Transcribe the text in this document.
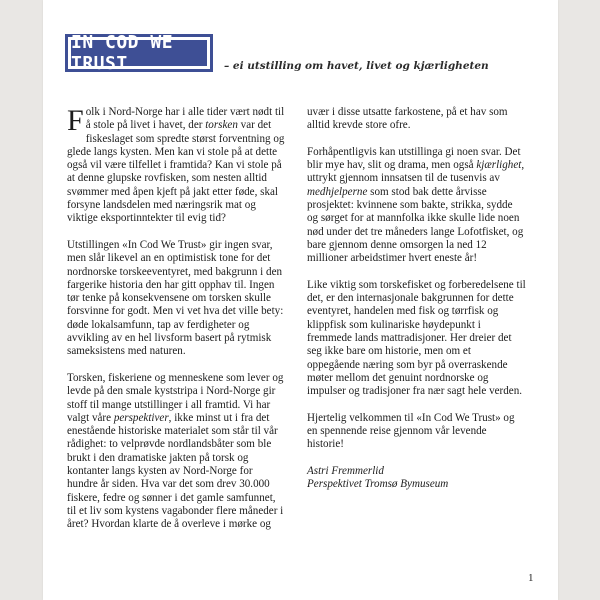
IN COD WE TRUST	– ei utstilling om havet, livet og kjærligheten

Folk i Nord-Norge har i alle tider vært nødt til å stole på livet i havet, der torsken var det fiskeslaget som spredte størst forventning og glede langs kysten. Men kan vi stole på at dette også vil være tilfellet i framtida? Kan vi stole på at denne glupske rovfisken, som nesten alltid svømmer med åpen kjeft på jakt etter føde, skal forsyne landsdelen med næringsrik mat og viktige eksportinntekter til evig tid?

Utstillingen «In Cod We Trust» gir ingen svar, men slår likevel an en optimistisk tone for det nordnorske torskeeventyret, med bakgrunn i den fargerike historia den har gitt opphav til. Ingen tør tenke på konsekvensene om torsken skulle forsvinne for godt. Men vi vet hva det ville bety: døde lokalsamfunn, tap av ferdigheter og avvikling av en hel livsform basert på rytmisk sameksistens med naturen.

Torsken, fiskeriene og menneskene som lever og levde på den smale kyststripa i Nord-Norge gir stoff til mange utstillinger i all framtid. Vi har valgt våre perspektiver, ikke minst ut i fra det enestående historiske materialet som står til vår rådighet: to velprøvde nordlandsbåter som ble brukt i den dramatiske jakten på torsk og kontanter langs kysten av Nord-Norge for hundre år siden. Hva var det som drev 30.000 fiskere, fedre og sønner i det gamle samfunnet, til et liv som kystens vagabonder flere måneder i året? Hvordan klarte de å overleve i mørke og

uvær i disse utsatte farkostene, på et hav som alltid krevde store ofre.

Forhåpentligvis kan utstillinga gi noen svar. Det blir mye hav, slit og drama, men også kjærlighet, uttrykt gjennom innsatsen til de tusenvis av medhjelperne som stod bak dette årvisse prosjektet: kvinnene som bakte, strikka, sydde og sørget for at mannfolka ikke skulle lide noen nød under det tre måneders lange Lofotfisket, og bare gjennom denne omsorgen la ned 12 millioner arbeidstimer hvert eneste år!

Like viktig som torskefisket og forberedelsene til det, er den internasjonale bakgrunnen for dette eventyret, handelen med fisk og tørrfisk og klippfisk som kulinariske høydepunkt i fremmede lands mattradisjoner. Her dreier det seg ikke bare om historie, men om et oppegående næring som byr på overraskende møter mellom det genuint nordnorske og impulser og tradisjoner fra nær sagt hele verden.

Hjertelig velkommen til «In Cod We Trust» og en spennende reise gjennom vår levende historie!

Astri Fremmerlid
Perspektivet Tromsø Bymuseum
1
